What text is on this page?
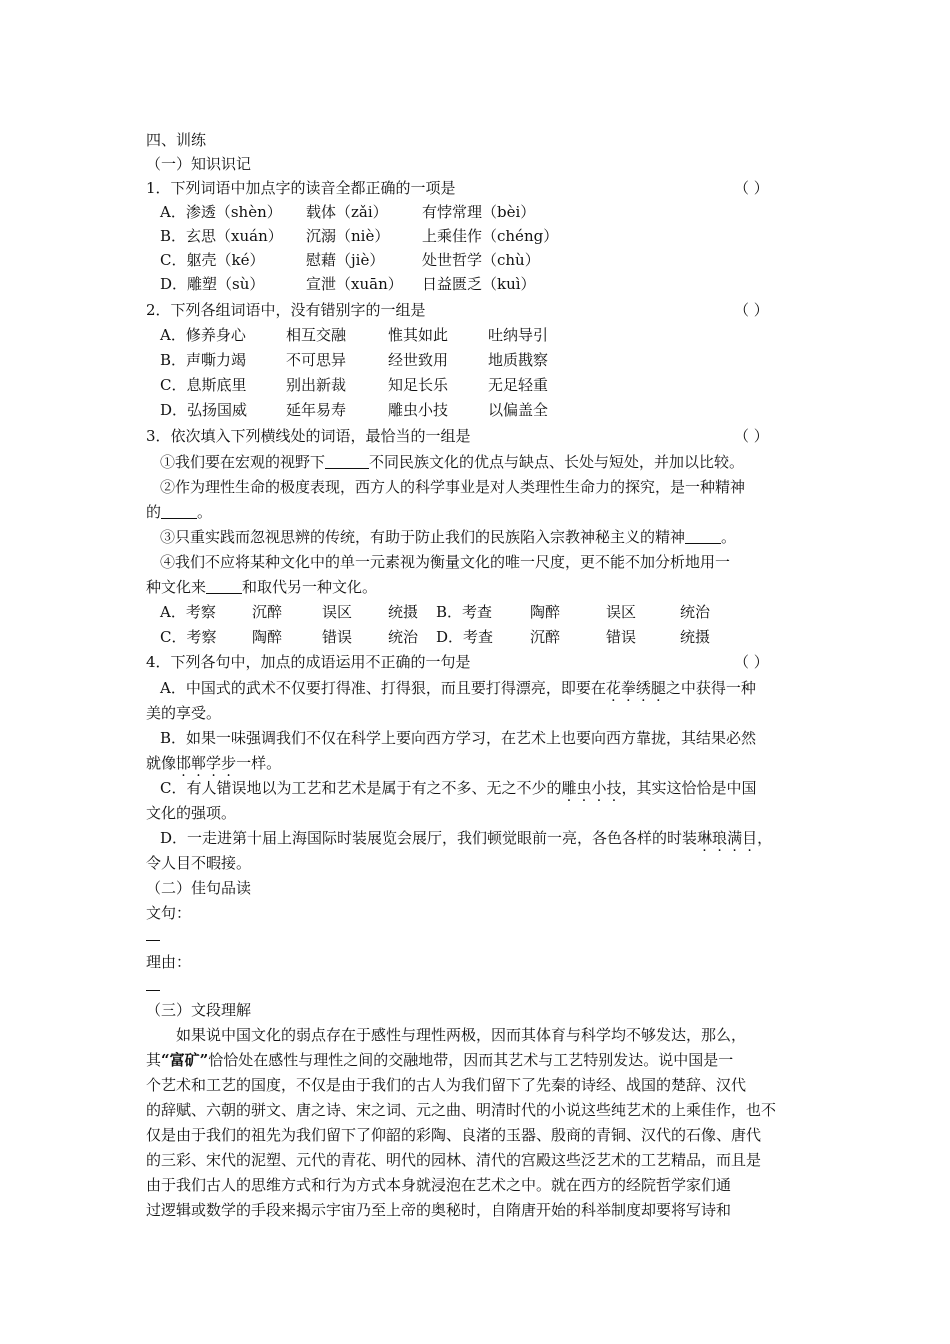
四、训练
（一）知识识记
1．下列词语中加点字的读音全都正确的一项是	（ ）
A．渗透（shèn） 载体（zǎi） 有悖常理（bèi）
B．玄思（xuán） 沉溺（niè） 上乘佳作（chéng）
C．躯壳（ké）	慰藉（jiè）	处世哲学（chù）
D．雕塑（sù）	宣泄（xuān） 日益匮乏（kuì）
2．下列各组词语中，没有错别字的一组是	（ ）
A．修养身心	相互交融	惟其如此	吐纳导引
B．声嘶力竭	不可思异	经世致用	地质戡察
C．息斯底里	别出新裁	知足长乐	无足轻重
D．弘扬国威	延年易寿	雕虫小技	以偏盖全
3．依次填入下列横线处的词语，最恰当的一组是	（ ）
①我们要在宏观的视野下	不同民族文化的优点与缺点、长处与短处，并加以比较。
②作为理性生命的极度表现，西方人的科学事业是对人类理性生命力的探究，是一种精神
的 。
③只重实践而忽视思辨的传统，有助于防止我们的民族陷入宗教神秘主义的精神 。
④我们不应将某种文化中的单一元素视为衡量文化的唯一尺度，更不能不加分析地用一
种文化来 和取代另一种文化。
A．考察 沉醉	误区 统摄 B．考查	陶醉	误区	统治
C．考察 陶醉	错误 统治 D．考查 沉醉	错误	统摄
4．下列各句中，加点的成语运用不正确的一句是	（ ）
A．中国式的武术不仅要打得准、打得狠，而且要打得漂亮，即要在花拳绣腿之中获得一种
美的享受。
B．如果一味强调我们不仅在科学上要向西方学习，在艺术上也要向西方靠拢，其结果必然
就像邯郸学步一样。
C．有人错误地以为工艺和艺术是属于有之不多、无之不少的雕虫小技，其实这恰恰是中国
文化的强项。
D．一走进第十届上海国际时装展览会展厅，我们顿觉眼前一亮，各色各样的时装琳琅满目，
令人目不暇接。
（二）佳句品读
文句：
理由：
（三）文段理解
如果说中国文化的弱点存在于感性与理性两极，因而其体育与科学均不够发达，那么，
其“富矿”恰恰处在感性与理性之间的交融地带，因而其艺术与工艺特别发达。说中国是一
个艺术和工艺的国度，不仅是由于我们的古人为我们留下了先秦的诗经、战国的楚辞、汉代
的辞赋、六朝的骈文、唐之诗、宋之词、元之曲、明清时代的小说这些纯艺术的上乘佳作，也不
仅是由于我们的祖先为我们留下了仰韶的彩陶、良渚的玉器、殷商的青铜、汉代的石像、唐代
的三彩、宋代的泥塑、元代的青花、明代的园林、清代的宫殿这些泛艺术的工艺精品，而且是
由于我们古人的思维方式和行为方式本身就浸泡在艺术之中。就在西方的经院哲学家们通
过逻辑或数学的手段来揭示宇宙乃至上帝的奥秘时，自隋唐开始的科举制度却要将写诗和
